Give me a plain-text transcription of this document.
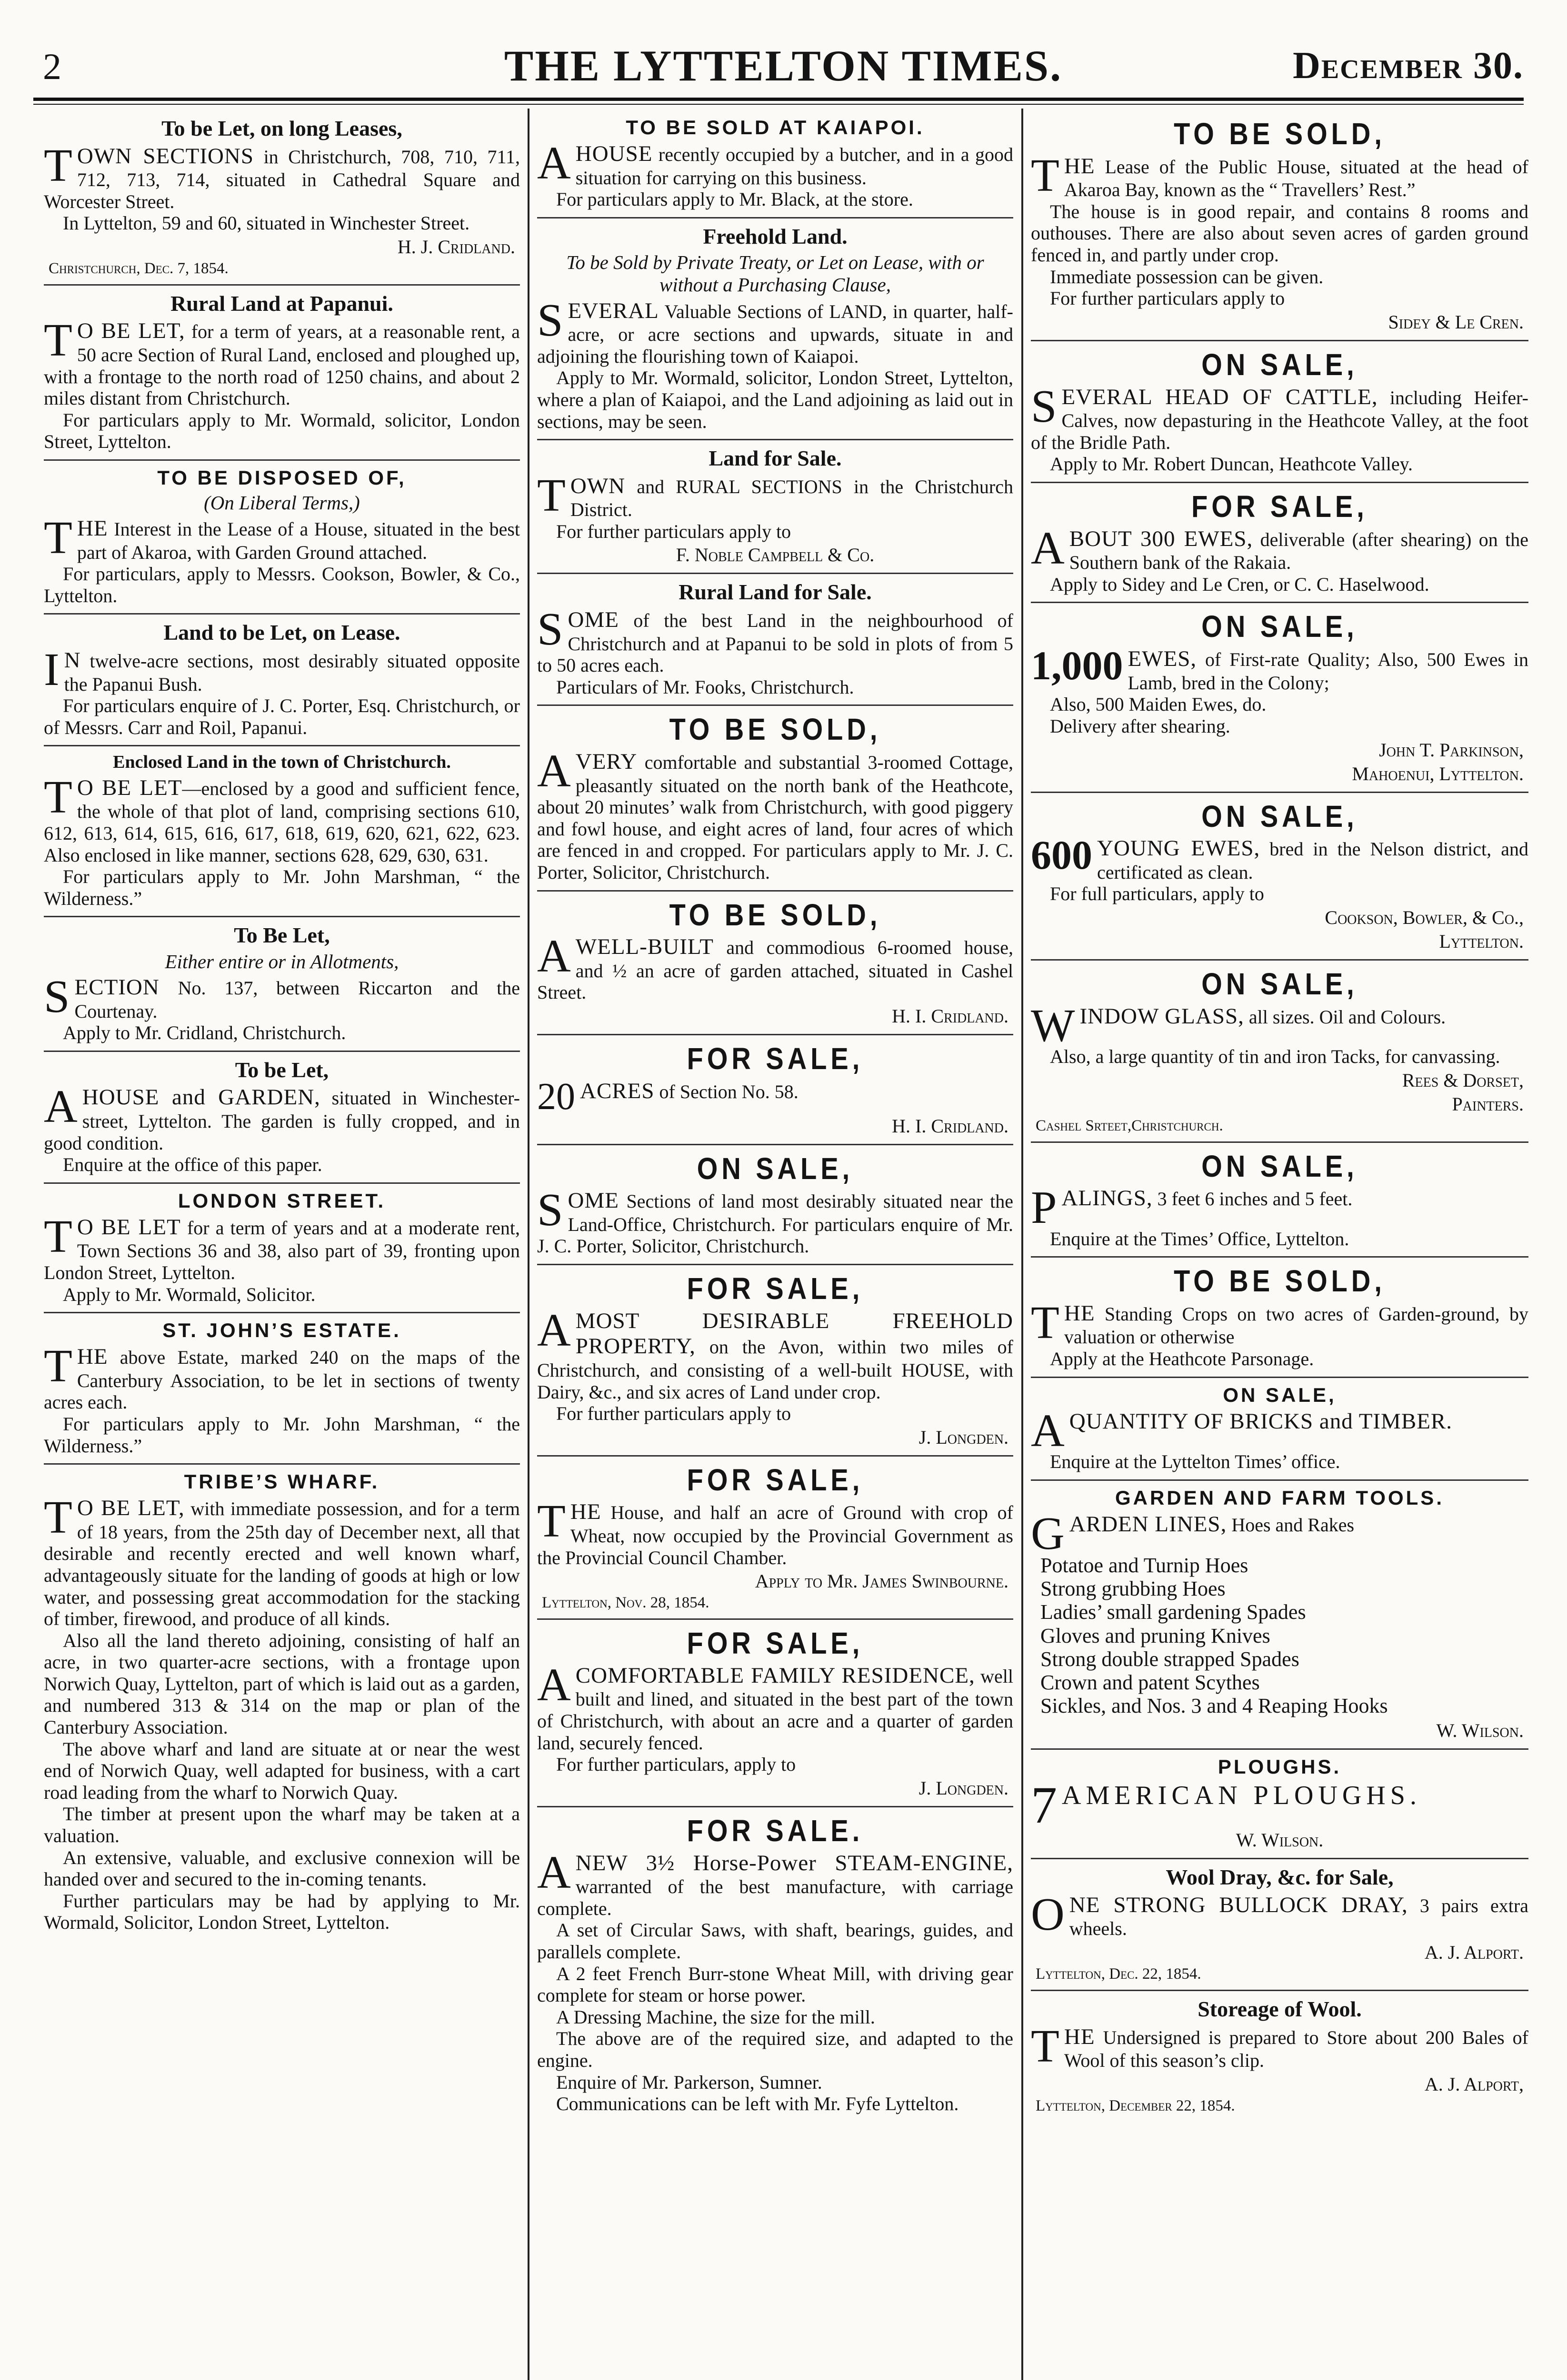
2	THE LYTTELTON TIMES.	December 30.
To be Let, on long Leases,

TOWN SECTIONS in Christchurch, 708, 710, 711, 712, 713, 714, situated in Cathedral Square and Worcester Street.

In Lyttelton, 59 and 60, situated in Winchester Street.

H. J. Cridland.
Christchurch, Dec. 7, 1854.
Rural Land at Papanui.

T O BE LET, for a term of years, at a reasonable rent, a 50 acre Section of Rural Land, enclosed and ploughed up, with a frontage to the north road of 1250 chains, and about 2 miles distant from Christchurch.

For particulars apply to Mr. Wormald, solicitor, London Street, Lyttelton.

TO BE DISPOSED OF,
(On Liberal Terms,)

THE Interest in the Lease of a House, situated in the best part of Akaroa, with Garden Ground attached.

For particulars, apply to Messrs. Cookson, Bowler, & Co., Lyttelton.

Land to be Let, on Lease.

I N twelve-acre sections, most desirably situated opposite the Papanui Bush.

For particulars enquire of J. C. Porter, Esq. Christchurch, or of Messrs. Carr and Roil, Papanui.

Enclosed Land in the town of Christchurch.

T O BE LET—enclosed by a good and sufficient fence, the whole of that plot of land, comprising sections 610, 612, 613, 614, 615, 616, 617, 618, 619, 620, 621, 622, 623. Also enclosed in like manner, sections 628, 629, 630, 631.

For particulars apply to Mr. John Marshman, “ the Wilderness.”

To Be Let,
Either entire or in Allotments,

SECTION No. 137, between Riccarton and the Courtenay.

Apply to Mr. Cridland, Christchurch.

To be Let,

A HOUSE and GARDEN, situated in Winchester-street, Lyttelton. The garden is fully cropped, and in good condition.

Enquire at the office of this paper.

LONDON STREET.

T O BE LET for a term of years and at a moderate rent, Town Sections 36 and 38, also part of 39, fronting upon London Street, Lyttelton.

Apply to Mr. Wormald, Solicitor.

ST. JOHN’S ESTATE.

THE above Estate, marked 240 on the maps of the Canterbury Association, to be let in sections of twenty acres each.

For particulars apply to Mr. John Marshman, “ the Wilderness.”

TRIBE’S WHARF.

T O BE LET, with immediate possession, and for a term of 18 years, from the 25th day of December next, all that desirable and recently erected and well known wharf, advantageously situate for the landing of goods at high or low water, and possessing great accommodation for the stacking of timber, firewood, and produce of all kinds.

Also all the land thereto adjoining, consisting of half an acre, in two quarter-acre sections, with a frontage upon Norwich Quay, Lyttelton, part of which is laid out as a garden, and numbered 313 & 314 on the map or plan of the Canterbury Association.

The above wharf and land are situate at or near the west end of Norwich Quay, well adapted for business, with a cart road leading from the wharf to Norwich Quay.

The timber at present upon the wharf may be taken at a valuation.

An extensive, valuable, and exclusive connexion will be handed over and secured to the in-coming tenants.

Further particulars may be had by applying to Mr. Wormald, Solicitor, London Street, Lyttelton.

TO BE SOLD AT KAIAPOI.

A HOUSE recently occupied by a butcher, and in a good situation for carrying on this business.

For particulars apply to Mr. Black, at the store.

Freehold Land.
To be Sold by Private Treaty, or Let on Lease, with or without a Purchasing Clause,

SEVERAL Valuable Sections of LAND, in quarter, half-acre, or acre sections and upwards, situate in and adjoining the flourishing town of Kaiapoi.

Apply to Mr. Wormald, solicitor, London Street, Lyttelton, where a plan of Kaiapoi, and the Land adjoining as laid out in sections, may be seen.

Land for Sale.

TOWN and RURAL SECTIONS in the Christchurch District.

For further particulars apply to

F. Noble Campbell & Co.
Rural Land for Sale.

SOME of the best Land in the neighbourhood of Christchurch and at Papanui to be sold in plots of from 5 to 50 acres each.

Particulars of Mr. Fooks, Christchurch.

TO BE SOLD,

A VERY comfortable and substantial 3-roomed Cottage, pleasantly situated on the north bank of the Heathcote, about 20 minutes’ walk from Christchurch, with good piggery and fowl house, and eight acres of land, four acres of which are fenced in and cropped. For particulars apply to Mr. J. C. Porter, Solicitor, Christchurch.

TO BE SOLD,

A WELL-BUILT and commodious 6-roomed house, and ½ an acre of garden attached, situated in Cashel Street.

H. I. Cridland.
FOR SALE,

20 ACRES of Section No. 58.

H. I. Cridland.
ON SALE,

SOME Sections of land most desirably situated near the Land-Office, Christchurch. For particulars enquire of Mr. J. C. Porter, Solicitor, Christchurch.

FOR SALE,

A MOST DESIRABLE FREEHOLD PROPERTY, on the Avon, within two miles of Christchurch, and consisting of a well-built HOUSE, with Dairy, &c., and six acres of Land under crop.

For further particulars apply to

J. Longden.
FOR SALE,

THE House, and half an acre of Ground with crop of Wheat, now occupied by the Provincial Government as the Provincial Council Chamber.

Apply to Mr. James Swinbourne.
Lyttelton, Nov. 28, 1854.
FOR SALE,

A COMFORTABLE FAMILY RESIDENCE, well built and lined, and situated in the best part of the town of Christchurch, with about an acre and a quarter of garden land, securely fenced.

For further particulars, apply to

J. Longden.
FOR SALE.

A NEW 3½ Horse-Power STEAM-ENGINE, warranted of the best manufacture, with carriage complete.

A set of Circular Saws, with shaft, bearings, guides, and parallels complete.

A 2 feet French Burr-stone Wheat Mill, with driving gear complete for steam or horse power.

A Dressing Machine, the size for the mill.

The above are of the required size, and adapted to the engine.

Enquire of Mr. Parkerson, Sumner.

Communications can be left with Mr. Fyfe Lyttelton.

TO BE SOLD,

THE Lease of the Public House, situated at the head of Akaroa Bay, known as the “ Travellers’ Rest.”

The house is in good repair, and contains 8 rooms and outhouses. There are also about seven acres of garden ground fenced in, and partly under crop.

Immediate possession can be given.

For further particulars apply to

Sidey & Le Cren.
ON SALE,

SEVERAL HEAD OF CATTLE, including Heifer-Calves, now depasturing in the Heathcote Valley, at the foot of the Bridle Path.

Apply to Mr. Robert Duncan, Heathcote Valley.

FOR SALE,

ABOUT 300 EWES, deliverable (after shearing) on the Southern bank of the Rakaia.

Apply to Sidey and Le Cren, or C. C. Haselwood.

ON SALE,

1,000 EWES, of First-rate Quality; Also, 500 Ewes in Lamb, bred in the Colony;

Also, 500 Maiden Ewes, do.

Delivery after shearing.

John T. Parkinson,
Mahoenui, Lyttelton.
ON SALE,

600 YOUNG EWES, bred in the Nelson district, and certificated as clean.

For full particulars, apply to

Cookson, Bowler, & Co.,
Lyttelton.
ON SALE,

WINDOW GLASS, all sizes. Oil and Colours.

Also, a large quantity of tin and iron Tacks, for canvassing.

Rees & Dorset,
Painters.
Cashel Srteet,Christchurch.
ON SALE,

PALINGS, 3 feet 6 inches and 5 feet.

Enquire at the Times’ Office, Lyttelton.

TO BE SOLD,

THE Standing Crops on two acres of Garden-ground, by valuation or otherwise

Apply at the Heathcote Parsonage.

ON SALE,

A QUANTITY OF BRICKS and TIMBER.

Enquire at the Lyttelton Times’ office.

GARDEN AND FARM TOOLS.

GARDEN LINES, Hoes and Rakes

Potatoe and Turnip Hoes
Strong grubbing Hoes
Ladies’ small gardening Spades
Gloves and pruning Knives
Strong double strapped Spades
Crown and patent Scythes
Sickles, and Nos. 3 and 4 Reaping Hooks
W. Wilson.
PLOUGHS.

7 AMERICAN PLOUGHS.

W. Wilson.
Wool Dray, &c. for Sale,

ONE STRONG BULLOCK DRAY, 3 pairs extra wheels.

A. J. Alport.
Lyttelton, Dec. 22, 1854.
Storeage of Wool.

THE Undersigned is prepared to Store about 200 Bales of Wool of this season’s clip.

A. J. Alport,
Lyttelton, December 22, 1854.
